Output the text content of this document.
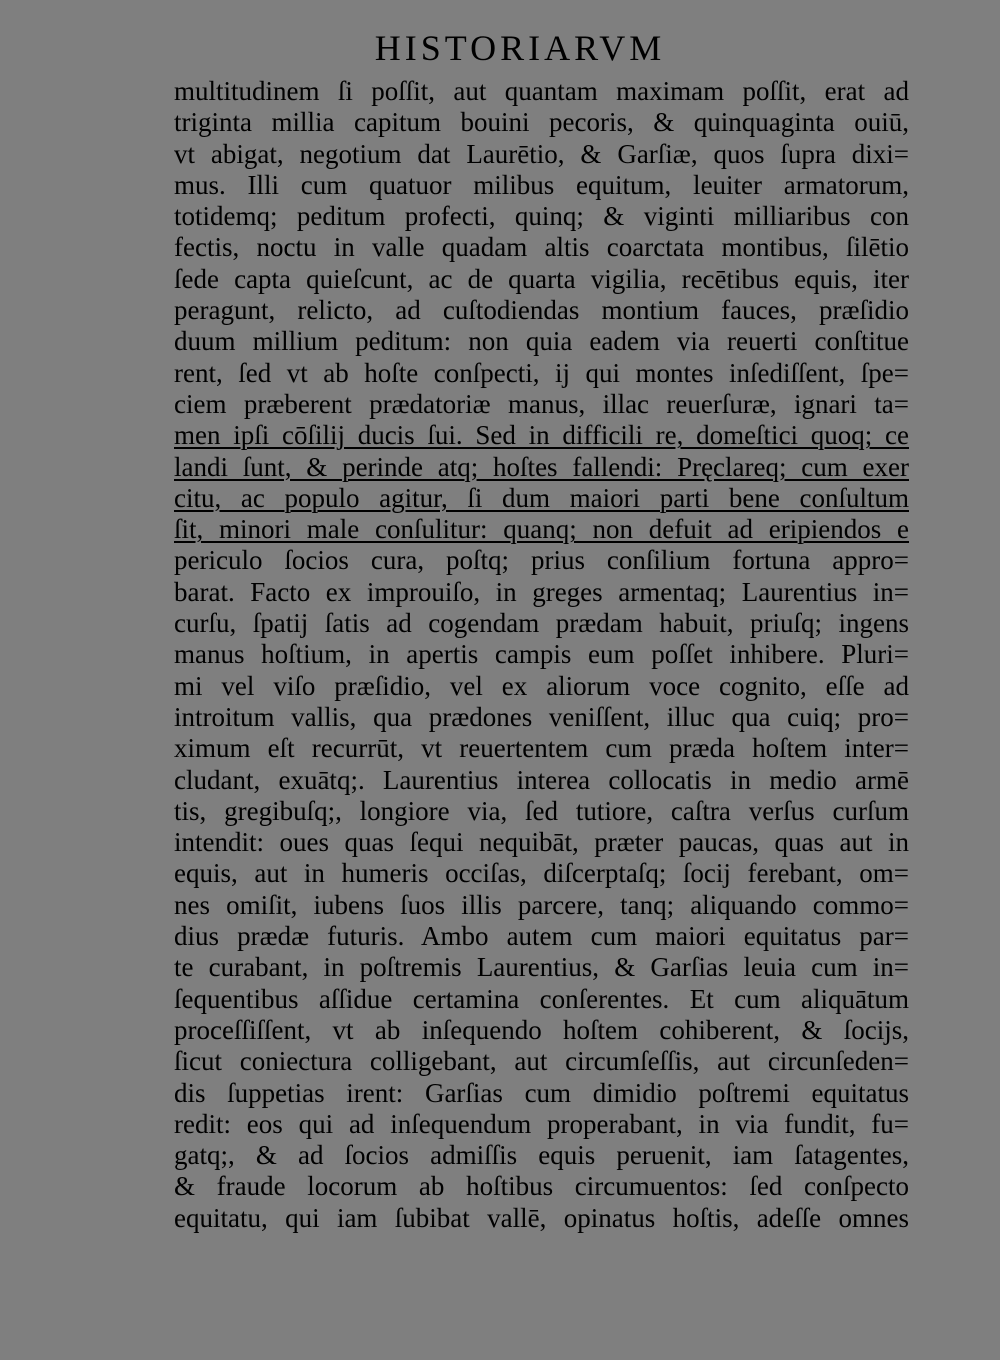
HISTORIARVM
multitudinem ſi poſſit, aut quantam maximam poſſit, erat ad
triginta millia capitum bouini pecoris, & quinquaginta ouiū,
vt abigat, negotium dat Laurētio, & Garſiæ, quos ſupra dixi=
mus. Illi cum quatuor milibus equitum, leuiter armatorum,
totidemq; peditum profecti, quinq; & viginti milliaribus con
fectis, noctu in valle quadam altis coarctata montibus, ſilētio
ſede capta quieſcunt, ac de quarta vigilia, recētibus equis, iter
peragunt, relicto, ad cuſtodiendas montium fauces, præſidio
duum millium peditum: non quia eadem via reuerti conſtitue
rent, ſed vt ab hoſte conſpecti, ij qui montes inſediſſent, ſpe=
ciem præberent prædatoriæ manus, illac reuerſuræ, ignari ta=
men ipſi cōſilij ducis ſui. Sed in difficili re, domeſtici quoq; ce
landi ſunt, & perinde atq; hoſtes fallendi: Pręclareq; cum exer
citu, ac populo agitur, ſi dum maiori parti bene conſultum
ſit, minori male conſulitur: quanq; non defuit ad eripiendos e
periculo ſocios cura, poſtq; prius conſilium fortuna appro=
barat. Facto ex improuiſo, in greges armentaq; Laurentius in=
curſu, ſpatij ſatis ad cogendam prædam habuit, priuſq; ingens
manus hoſtium, in apertis campis eum poſſet inhibere. Pluri=
mi vel viſo præſidio, vel ex aliorum voce cognito, eſſe ad
introitum vallis, qua prædones veniſſent, illuc qua cuiq; pro=
ximum eſt recurrūt, vt reuertentem cum præda hoſtem inter=
cludant, exuātq;. Laurentius interea collocatis in medio armē
tis, gregibuſq;, longiore via, ſed tutiore, caſtra verſus curſum
intendit: oues quas ſequi nequibāt, præter paucas, quas aut in
equis, aut in humeris occiſas, diſcerptaſq; ſocij ferebant, om=
nes omiſit, iubens ſuos illis parcere, tanq; aliquando commo=
dius prædæ futuris. Ambo autem cum maiori equitatus par=
te curabant, in poſtremis Laurentius, & Garſias leuia cum in=
ſequentibus aſſidue certamina conſerentes. Et cum aliquātum
proceſſiſſent, vt ab inſequendo hoſtem cohiberent, & ſocijs,
ſicut coniectura colligebant, aut circumſeſſis, aut circunſeden=
dis ſuppetias irent: Garſias cum dimidio poſtremi equitatus
redit: eos qui ad inſequendum properabant, in via fundit, fu=
gatq;, & ad ſocios admiſſis equis peruenit, iam ſatagentes,
& fraude locorum ab hoſtibus circumuentos: ſed conſpecto
equitatu, qui iam ſubibat vallē, opinatus hoſtis, adeſſe omnes
